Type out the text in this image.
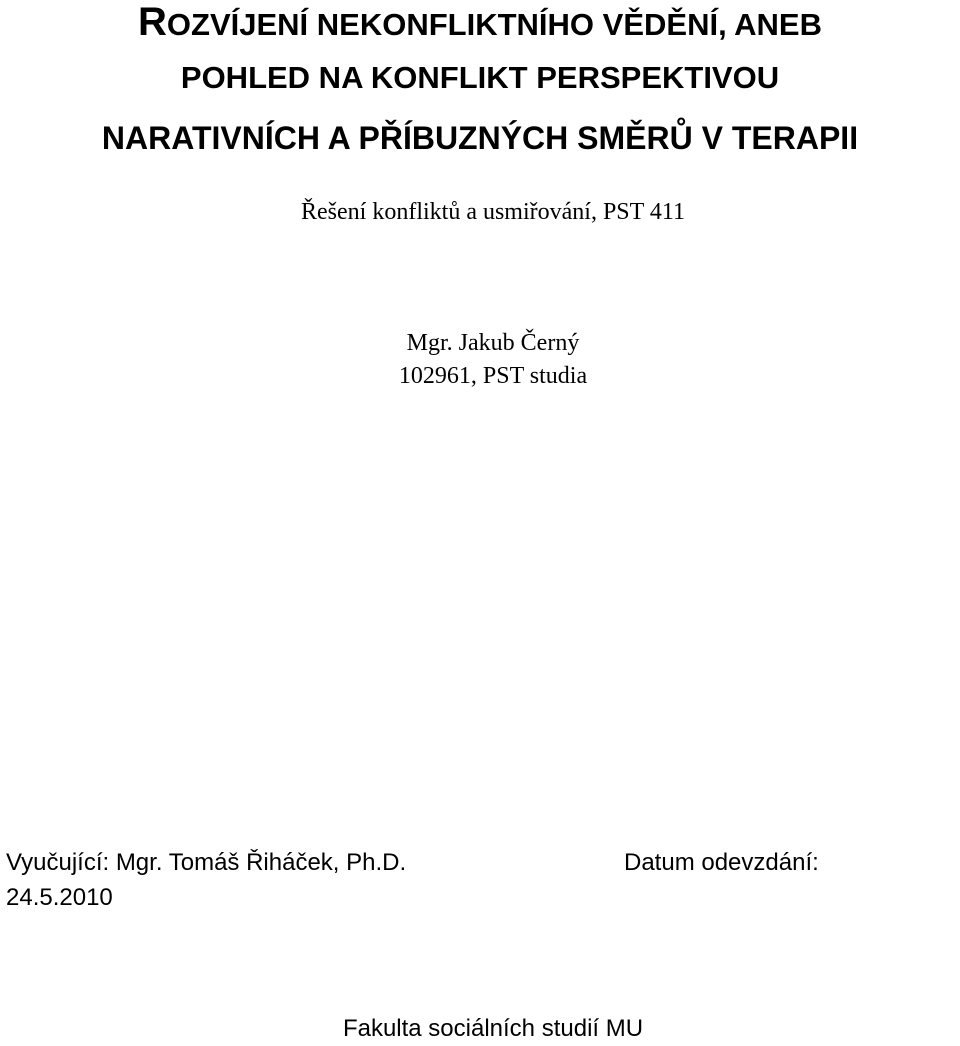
ROZVÍJENÍ NEKONFLIKTNÍHO VĚDĚNÍ, ANEB
POHLED NA KONFLIKT PERSPEKTIVOU
NARATIVNÍCH A PŘÍBUZNÝCH SMĚRŮ V TERAPII
Řešení konfliktů a usmiřování, PST 411
Mgr. Jakub Černý
102961, PST studia
Vyučující: Mgr. Tomáš Řiháček, Ph.D.	Datum odevzdání:
24.5.2010
Fakulta sociálních studií MU
